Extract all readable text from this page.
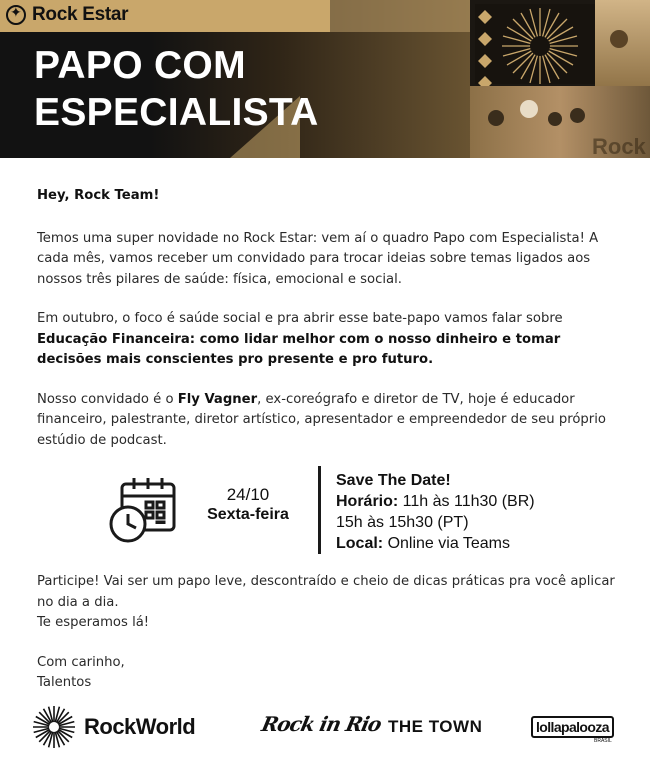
✦
Rock Estar
PAPO COM
ESPECIALISTA
Rock

Hey, Rock Team!

Temos uma super novidade no Rock Estar: vem aí o quadro Papo com Especialista! A cada mês, vamos receber um convidado para trocar ideias sobre temas ligados aos nossos três pilares de saúde: física, emocional e social.

Em outubro, o foco é saúde social e pra abrir esse bate-papo vamos falar sobre Educação Financeira: como lidar melhor com o nosso dinheiro e tomar decisões mais conscientes pro presente e pro futuro.

Nosso convidado é o Fly Vagner, ex-coreógrafo e diretor de TV, hoje é educador financeiro, palestrante, diretor artístico, apresentador e empreendedor de seu próprio estúdio de podcast.

24/10
Sexta-feira
Save The Date!
Horário: 11h às 11h30 (BR)
15h às 15h30 (PT)
Local: Online via Teams

Participe! Vai ser um papo leve, descontraído e cheio de dicas práticas pra você aplicar no dia a dia.

Te esperamos lá!

Com carinho,

Talentos

RockWorld	Rock in Rio THE TOWN	lollapalooza
BRASIL
